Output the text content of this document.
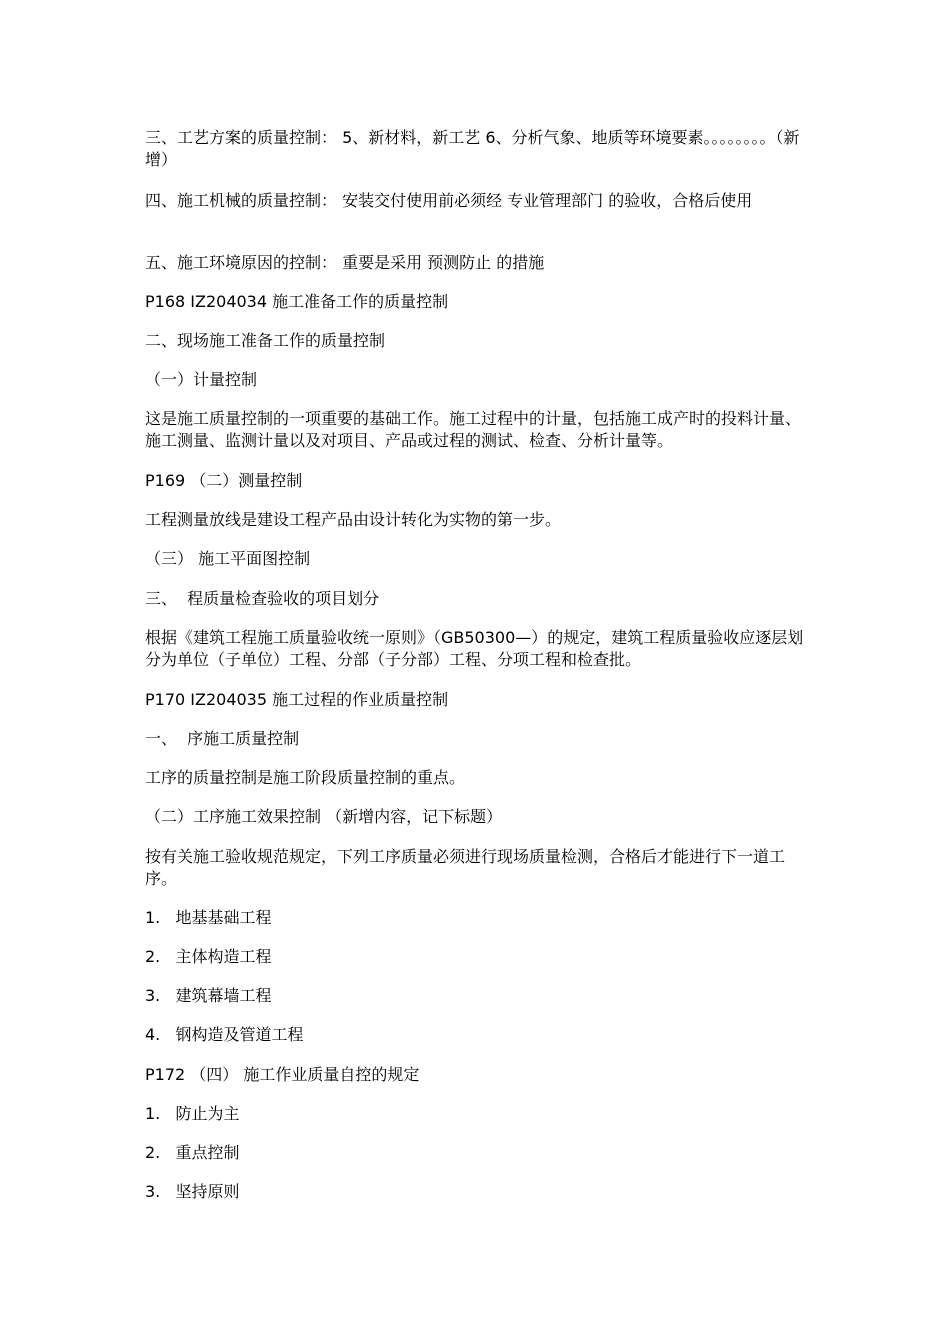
三、工艺方案的质量控制： 5、新材料，新工艺 6、分析气象、地质等环境要素。。。。。。。。（新增）

四、施工机械的质量控制： 安装交付使用前必须经 专业管理部门 的验收，合格后使用

五、施工环境原因的控制： 重要是采用 预测防止 的措施

P168 IZ204034 施工准备工作的质量控制

二、现场施工准备工作的质量控制

（一）计量控制

这是施工质量控制的一项重要的基础工作。施工过程中的计量，包括施工成产时的投料计量、施工测量、监测计量以及对项目、产品或过程的测试、检查、分析计量等。

P169 （二）测量控制

工程测量放线是建设工程产品由设计转化为实物的第一步。

（三） 施工平面图控制

三、  程质量检查验收的项目划分

根据《建筑工程施工质量验收统一原则》（GB50300—）的规定，建筑工程质量验收应逐层划分为单位（子单位）工程、分部（子分部）工程、分项工程和检查批。

P170 IZ204035 施工过程的作业质量控制

一、  序施工质量控制

工序的质量控制是施工阶段质量控制的重点。

（二）工序施工效果控制 （新增内容，记下标题）

按有关施工验收规范规定，下列工序质量必须进行现场质量检测，合格后才能进行下一道工序。

1.   地基基础工程

2.   主体构造工程

3.   建筑幕墙工程

4.   钢构造及管道工程

P172 （四） 施工作业质量自控的规定

1.   防止为主

2.   重点控制

3.   坚持原则
